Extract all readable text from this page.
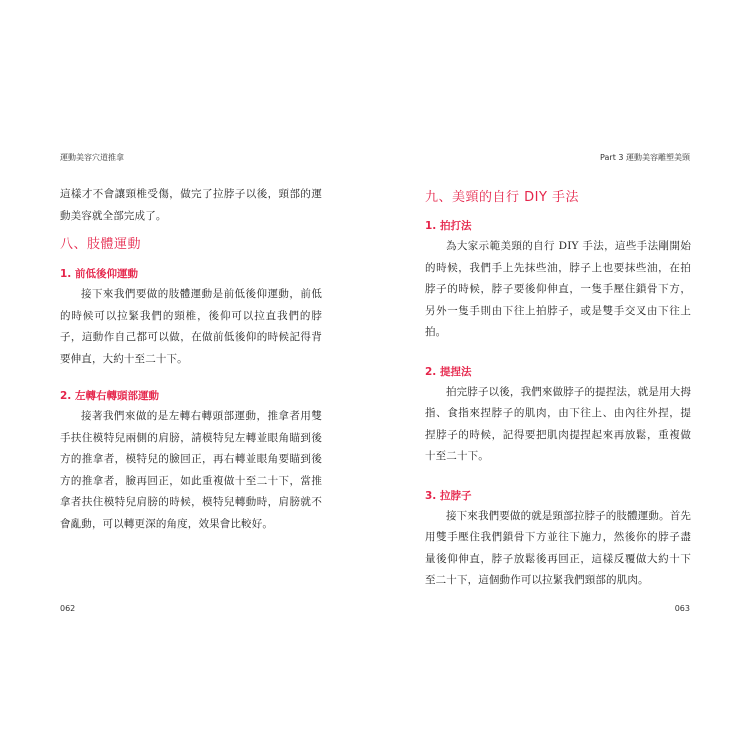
運動美容穴道推拿

這樣才不會讓頸椎受傷，做完了拉脖子以後，頸部的運動美容就全部完成了。

八、肢體運動

1. 前低後仰運動

接下來我們要做的肢體運動是前低後仰運動，前低的時候可以拉緊我們的頸椎，後仰可以拉直我們的脖子，這動作自己都可以做，在做前低後仰的時候記得背要伸直，大約十至二十下。

2. 左轉右轉頭部運動

接著我們來做的是左轉右轉頭部運動，推拿者用雙手扶住模特兒兩側的肩膀，請模特兒左轉並眼角瞄到後方的推拿者，模特兒的臉回正，再右轉並眼角要瞄到後方的推拿者，臉再回正，如此重複做十至二十下，當推拿者扶住模特兒肩膀的時候，模特兒轉動時，肩膀就不會亂動，可以轉更深的角度，效果會比較好。

062
Part 3 運動美容雕塑美頸

九、美頸的自行 DIY 手法

1. 拍打法

為大家示範美頸的自行 DIY 手法，這些手法剛開始的時候，我們手上先抹些油，脖子上也要抹些油，在拍脖子的時候，脖子要後仰伸直，一隻手壓住鎖骨下方，另外一隻手則由下往上拍脖子，或是雙手交叉由下往上拍。

2. 提捏法

拍完脖子以後，我們來做脖子的提捏法，就是用大拇指、食指來捏脖子的肌肉，由下往上、由內往外捏，提捏脖子的時候，記得要把肌肉提捏起來再放鬆，重複做十至二十下。

3. 拉脖子

接下來我們要做的就是頸部拉脖子的肢體運動。首先用雙手壓住我們鎖骨下方並往下施力，然後你的脖子盡量後仰伸直，脖子放鬆後再回正，這樣反覆做大約十下至二十下，這個動作可以拉緊我們頸部的肌肉。

063
